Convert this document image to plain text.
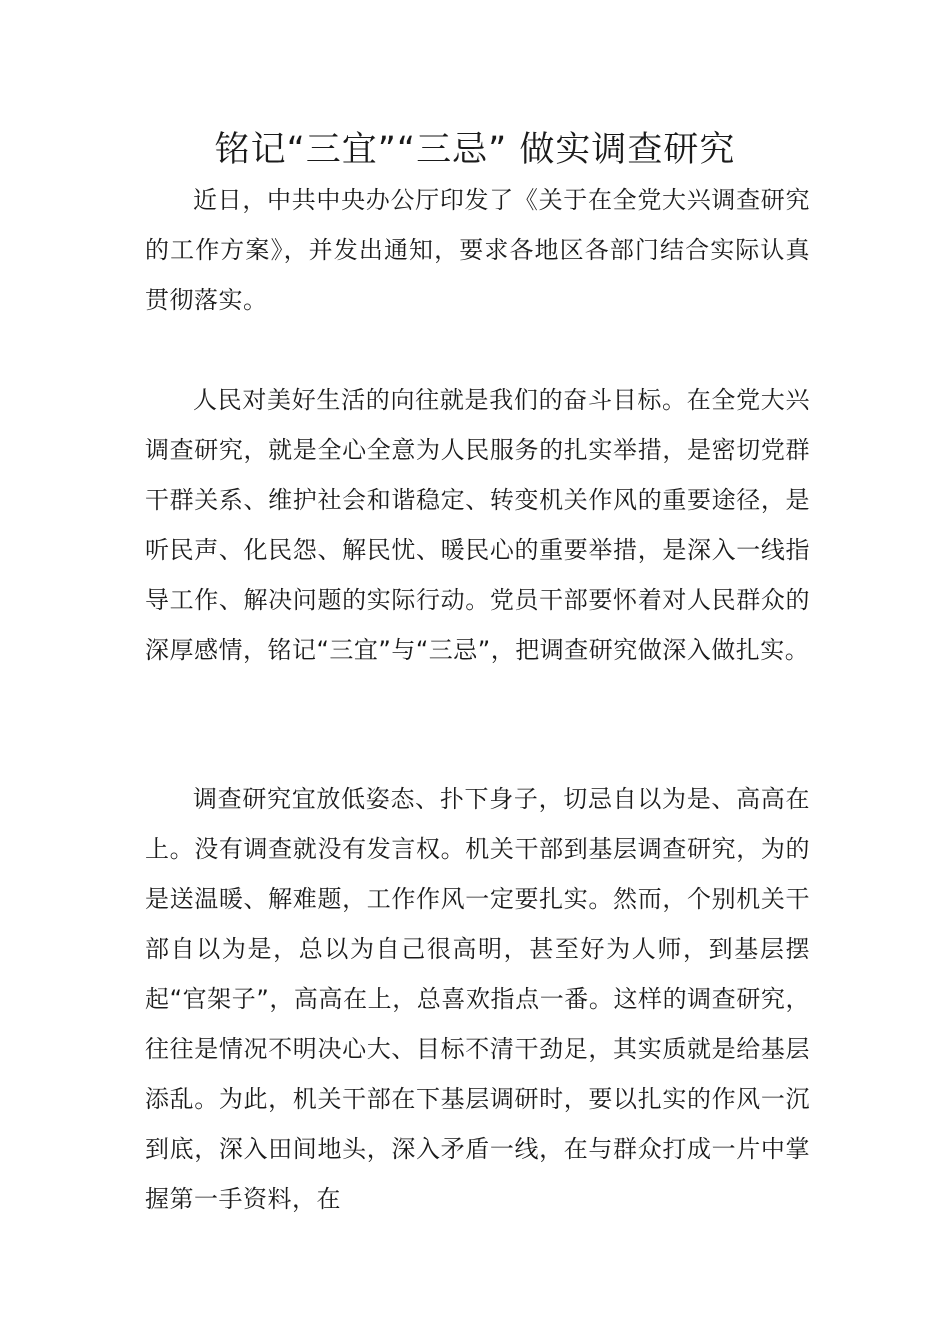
铭记“三宜”“三忌” 做实调查研究

近日，中共中央办公厅印发了《关于在全党大兴调查研究的工作方案》，并发出通知，要求各地区各部门结合实际认真贯彻落实。

人民对美好生活的向往就是我们的奋斗目标。在全党大兴调查研究，就是全心全意为人民服务的扎实举措，是密切党群干群关系、维护社会和谐稳定、转变机关作风的重要途径，是听民声、化民怨、解民忧、暖民心的重要举措，是深入一线指导工作、解决问题的实际行动。党员干部要怀着对人民群众的深厚感情，铭记“三宜”与“三忌”，把调查研究做深入做扎实。

调查研究宜放低姿态、扑下身子，切忌自以为是、高高在上。没有调查就没有发言权。机关干部到基层调查研究，为的是送温暖、解难题，工作作风一定要扎实。然而，个别机关干部自以为是，总以为自己很高明，甚至好为人师，到基层摆起“官架子”，高高在上，总喜欢指点一番。这样的调查研究，往往是情况不明决心大、目标不清干劲足，其实质就是给基层添乱。为此，机关干部在下基层调研时，要以扎实的作风一沉到底，深入田间地头，深入矛盾一线，在与群众打成一片中掌握第一手资料，在
